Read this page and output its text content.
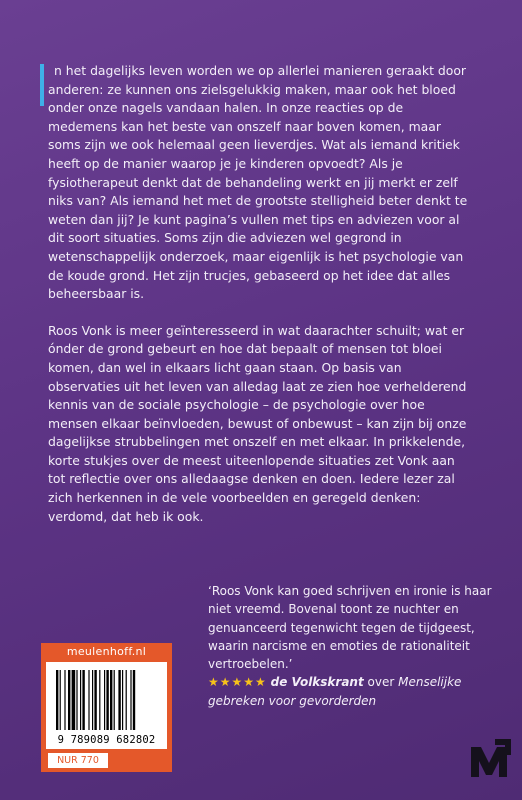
n het dagelijks leven worden we op allerlei manieren geraakt door anderen: ze kunnen ons zielsgelukkig maken, maar ook het bloed onder onze nagels vandaan halen. In onze reacties op de medemens kan het beste van onszelf naar boven komen, maar soms zijn we ook helemaal geen lieverdjes. Wat als iemand kritiek heeft op de manier waarop je je kinderen opvoedt? Als je fysiotherapeut denkt dat de behandeling werkt en jij merkt er zelf niks van? Als iemand het met de grootste stelligheid beter denkt te weten dan jij? Je kunt pagina’s vullen met tips en adviezen voor al dit soort situaties. Soms zijn die adviezen wel gegrond in wetenschappelijk onderzoek, maar eigenlijk is het psychologie van de koude grond. Het zijn trucjes, gebaseerd op het idee dat alles beheersbaar is.

Roos Vonk is meer geïnteresseerd in wat daarachter schuilt; wat er ónder de grond gebeurt en hoe dat bepaalt of mensen tot bloei komen, dan wel in elkaars licht gaan staan. Op basis van observaties uit het leven van alledag laat ze zien hoe verhelderend kennis van de sociale psychologie – de psychologie over hoe mensen elkaar beïnvloeden, bewust of onbewust – kan zijn bij onze dagelijkse strubbelingen met onszelf en met elkaar. In prikkelende, korte stukjes over de meest uiteenlopende situaties zet Vonk aan tot reflectie over ons alledaagse denken en doen. Iedere lezer zal zich herkennen in de vele voorbeelden en geregeld denken: verdomd, dat heb ik ook.

‘Roos Vonk kan goed schrijven en ironie is haar niet vreemd. Bovenal toont ze nuchter en genuanceerd tegenwicht tegen de tijdgeest, waarin narcisme en emoties de rationaliteit vertroebelen.’
★★★★★ de Volkskrant over Menselijke gebreken voor gevorderden
meulenhoff.nl
9 789089 682802
NUR 770
